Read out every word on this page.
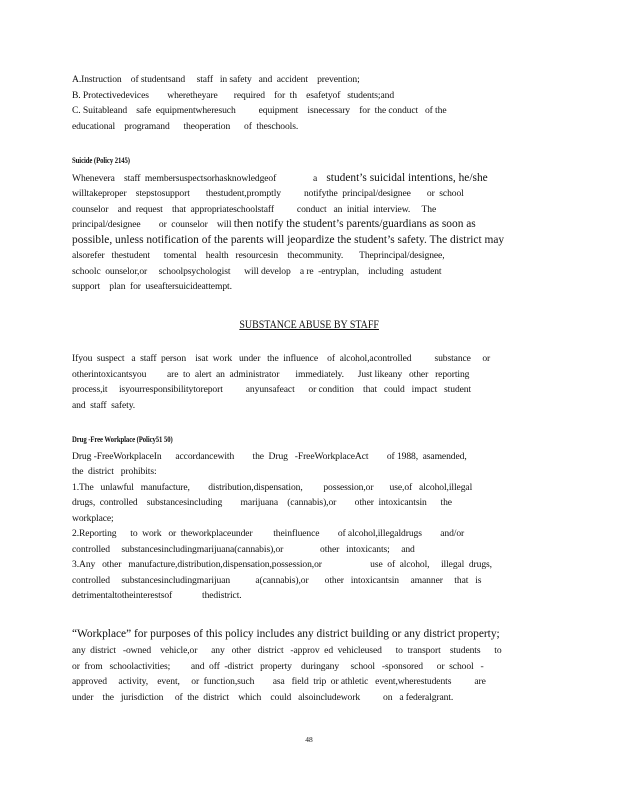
A.Instruction    of studentsand     staff   in safety   and  accident    prevention;
B. Protectivedevices        wheretheyare       required    for  th    esafetyof   students;and
C. Suitableand    safe  equipmentwheresuch          equipment    isnecessary    for  the conduct   of the
educational    programand      theoperation      of  theschools.
Suicide (Policy 2145)
Whenevera    staff  membersuspectsorhasknowledgeof                a    student’s suicidal intentions, he/she
willtakeproper    stepstosupport       thestudent,promptly          notifythe  principal/designee       or  school
counselor    and  request    that  appropriateschoolstaff          conduct   an  initial  interview.     The
principal/designee        or  counselor    will then notify the student’s parents/guardians as soon as
possible, unless notification of the parents will jeopardize the student’s safety. The district may
alsorefer   thestudent      tomental    health   resourcesin    thecommunity.       Theprincipal/designee,
schoolc  ounselor,or     schoolpsychologist      will develop    a re  -entryplan,    including   astudent
support    plan  for  useaftersuicideattempt.
SUBSTANCE ABUSE BY STAFF
Ifyou  suspect   a  staff  person    isat  work   under   the  influence    of  alcohol,acontrolled          substance     or
otherintoxicantsyou         are  to  alert  an  administrator       immediately.      Just likeany   other   reporting
process,it     isyourresponsibilitytoreport          anyunsafeact      or condition    that   could   impact   student
and  staff  safety.
Drug -Free Workplace (Policy51 50)
Drug -FreeWorkplaceIn      accordancewith        the  Drug   -FreeWorkplaceAct        of 1988,  asamended,
the  district   prohibits:
1.The   unlawful   manufacture,        distribution,dispensation,         possession,or       use,of   alcohol,illegal
drugs,  controlled    substancesincluding        marijuana    (cannabis),or        other  intoxicantsin      the
workplace;
2.Reporting      to  work   or  theworkplaceunder         theinfluence        of alcohol,illegaldrugs        and/or
controlled     substancesincludingmarijuana(cannabis),or                other   intoxicants;     and
3.Any   other   manufacture,distribution,dispensation,possession,or                     use  of  alcohol,     illegal  drugs,
controlled     substancesincludingmarijuan           a(cannabis),or       other   intoxicantsin     amanner     that   is
detrimentaltotheinterestsof             thedistrict.
“Workplace” for purposes of this policy includes any district building or any district property;
any  district   -owned    vehicle,or      any   other   district   -approv  ed  vehicleused      to  transport    students      to
or  from   schoolactivities;         and  off  -district   property    duringany     school   -sponsored      or  school   -
approved     activity,    event,     or  function,such        asa   field  trip  or athletic   event,wherestudents          are
under    the   jurisdiction     of  the  district    which    could   alsoincludework          on   a federalgrant.
48
